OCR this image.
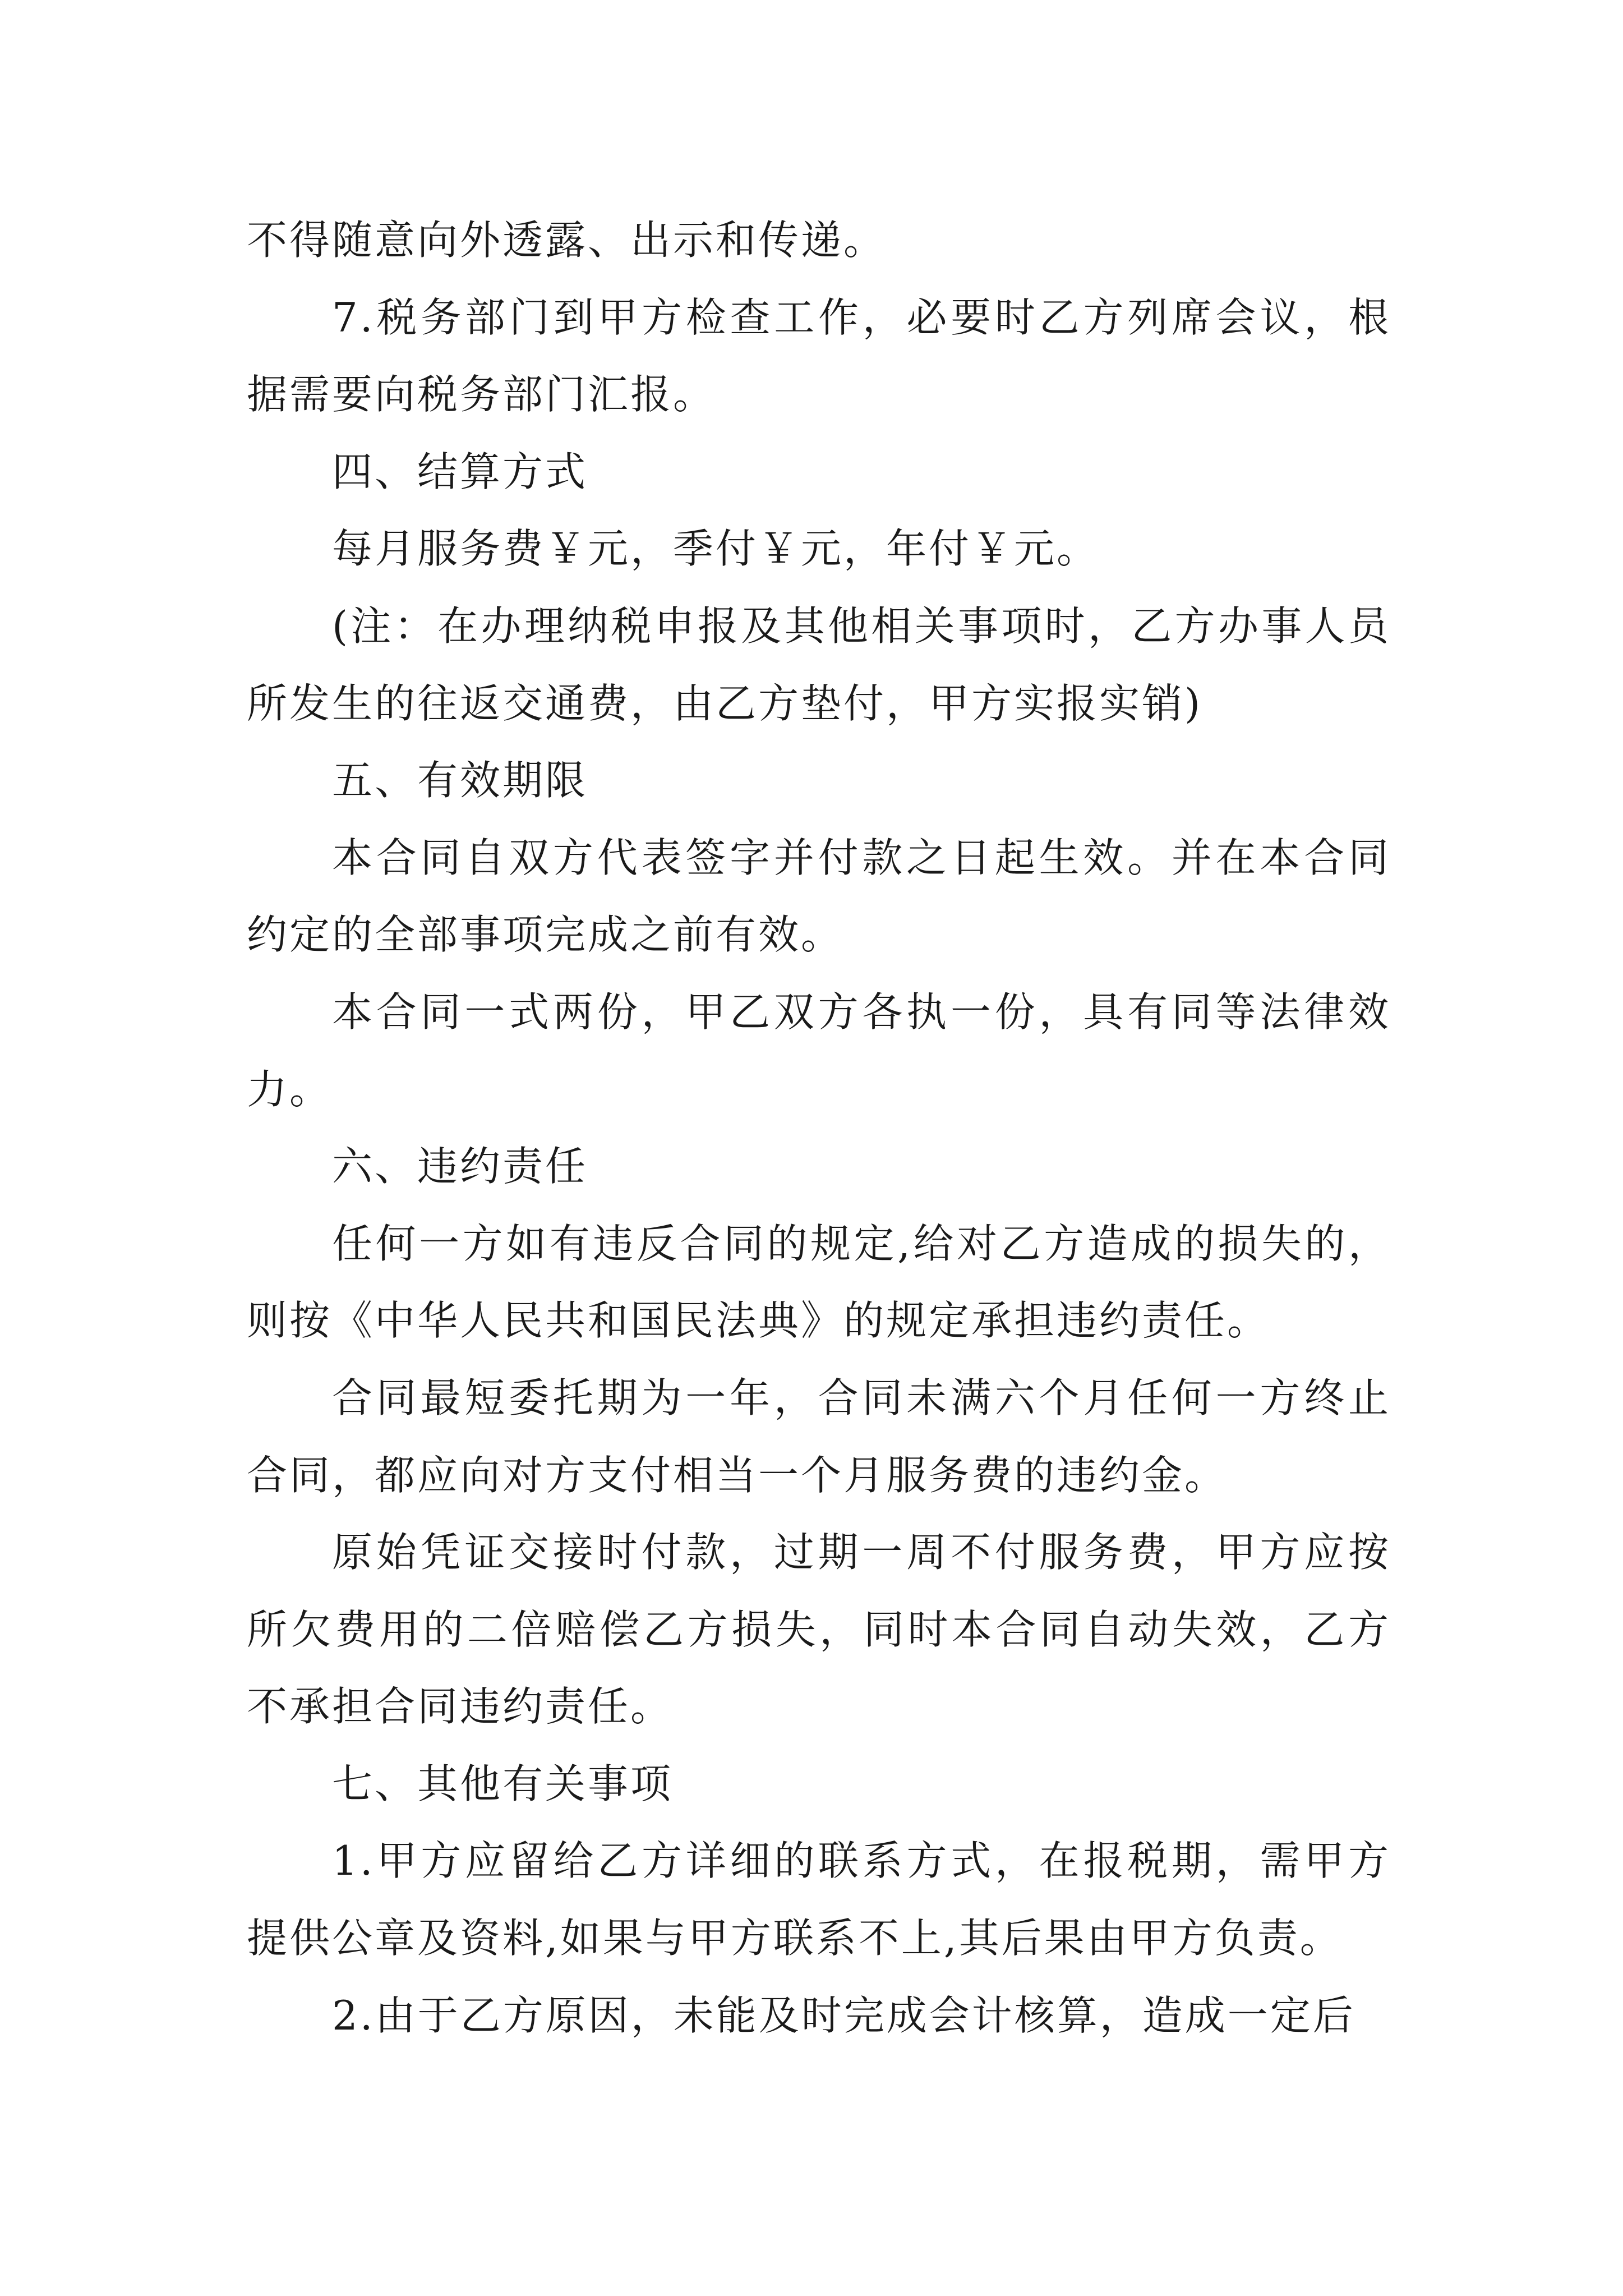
不得随意向外透露、出示和传递。

7.税务部门到甲方检查工作，必要时乙方列席会议，根据需要向税务部门汇报。

四、结算方式

每月服务费￥元，季付￥元，年付￥元。

(注：在办理纳税申报及其他相关事项时，乙方办事人员所发生的往返交通费，由乙方垫付，甲方实报实销)

五、有效期限

本合同自双方代表签字并付款之日起生效。并在本合同约定的全部事项完成之前有效。

本合同一式两份，甲乙双方各执一份，具有同等法律效力。

六、违约责任

任何一方如有违反合同的规定,给对乙方造成的损失的，则按《中华人民共和国民法典》的规定承担违约责任。

合同最短委托期为一年，合同未满六个月任何一方终止合同，都应向对方支付相当一个月服务费的违约金。

原始凭证交接时付款，过期一周不付服务费，甲方应按所欠费用的二倍赔偿乙方损失，同时本合同自动失效，乙方不承担合同违约责任。

七、其他有关事项

1.甲方应留给乙方详细的联系方式，在报税期，需甲方提供公章及资料,如果与甲方联系不上,其后果由甲方负责。

2.由于乙方原因，未能及时完成会计核算，造成一定后
